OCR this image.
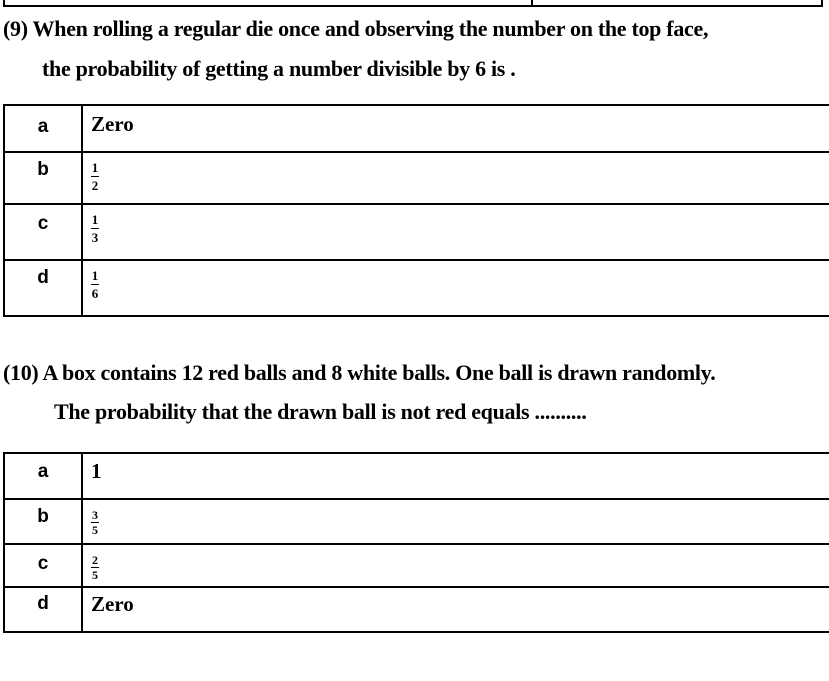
(9) When rolling a regular die once and observing the number on the top face,
the probability of getting a number divisible by 6 is .
a	Zero
b	$\frac{1}{2}$

c	$\frac{1}{3}$

d	$\frac{1}{6}$
(10) A box contains 12 red balls and 8 white balls. One ball is drawn randomly.
The probability that the drawn ball is not red equals ..........
a	1
b	$\frac{3}{5}$

c	$\frac{2}{5}$

d	Zero
